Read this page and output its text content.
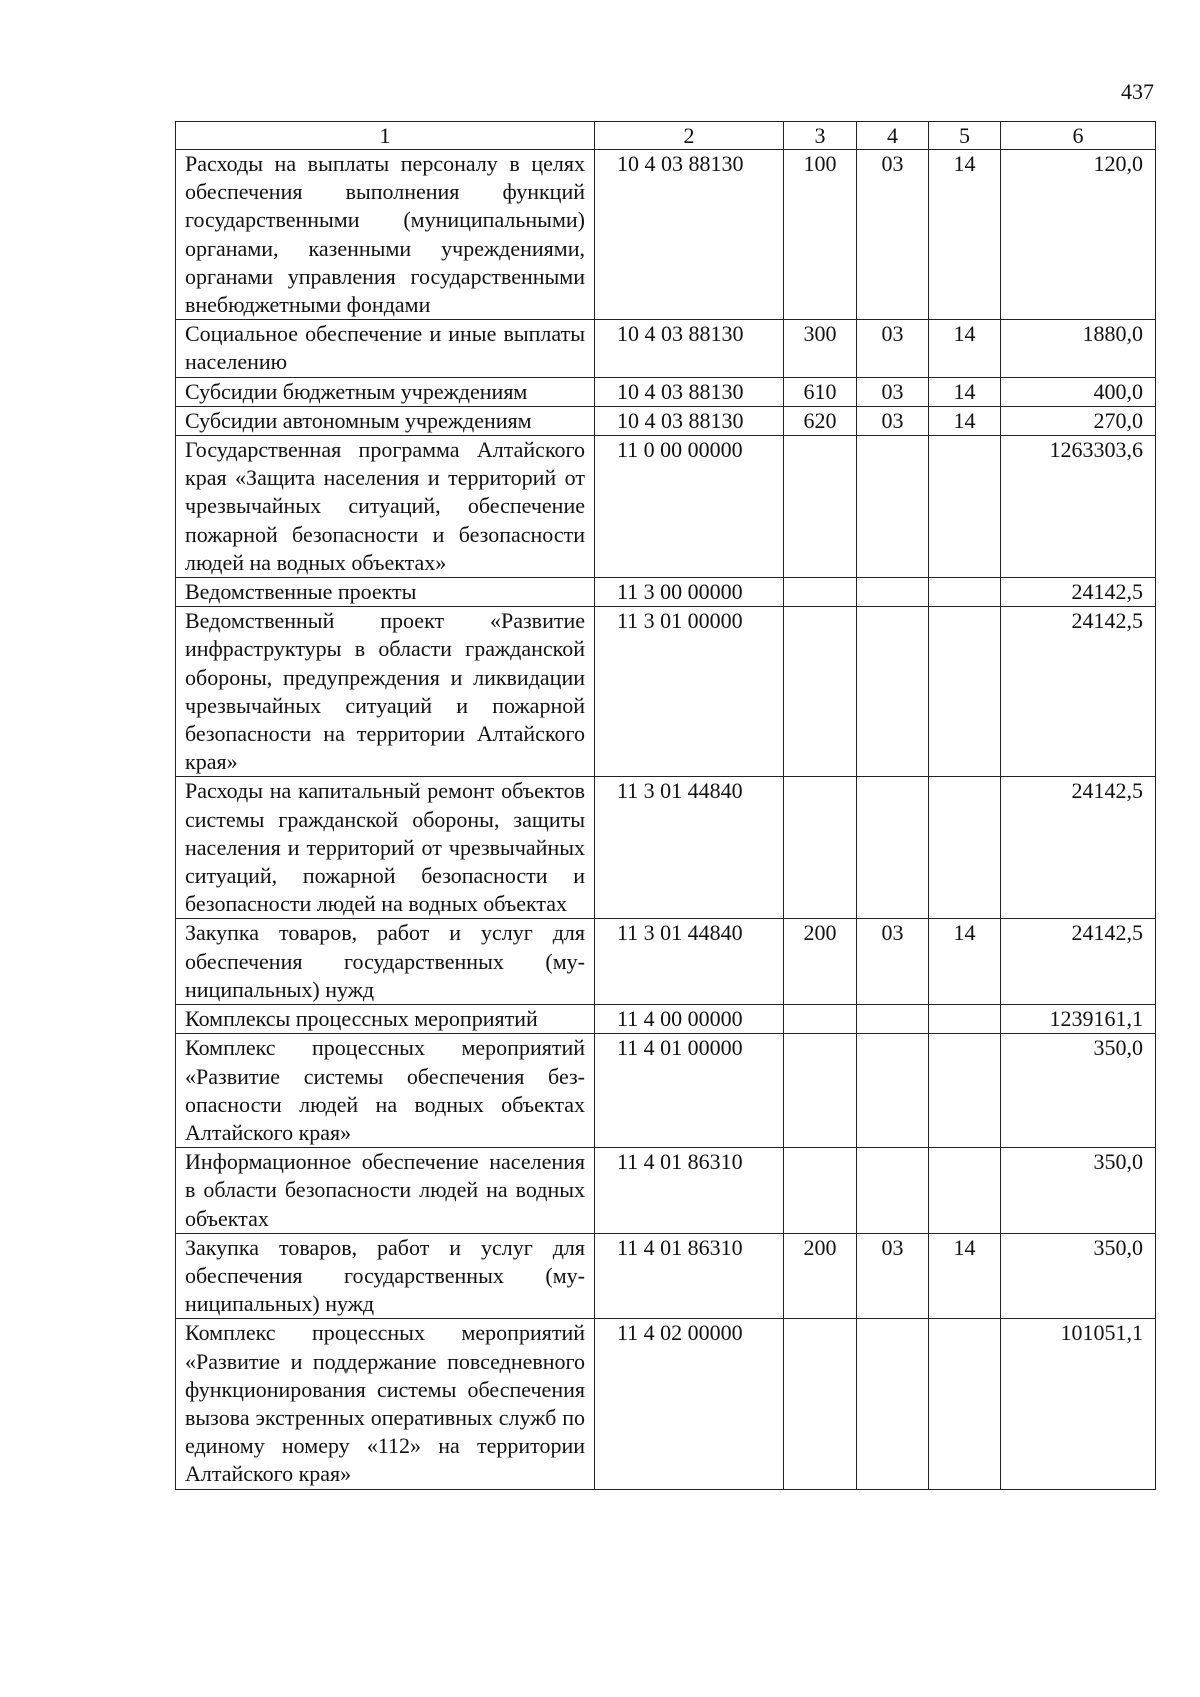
437
1	2	3	4	5	6
Расходы на выплаты персоналу в целях обеспечения выполнения функций государственными (муниципальными) органами, казенными учреждениями, органами управления государственными внебюджетными фондами	10 4 03 88130	100	03	14	120,0
Социальное обеспечение и иные выплаты населению	10 4 03 88130	300	03	14	1880,0
Субсидии бюджетным учреждениям	10 4 03 88130	610	03	14	400,0
Субсидии автономным учреждениям	10 4 03 88130	620	03	14	270,0
Государственная программа Алтайского края «Защита населения и территорий от чрезвычайных ситуаций, обеспечение пожарной безопасности и безопасности людей на водных объектах»	11 0 00 00000				1263303,6
Ведомственные проекты	11 3 00 00000				24142,5
Ведомственный проект «Развитие инфраструктуры в области гражданской обороны, предупреждения и ликвидации чрезвычайных ситуаций и пожарной безопасности на территории Алтайского края»	11 3 01 00000				24142,5
Расходы на капитальный ремонт объектов системы гражданской обороны, защиты населения и территорий от чрезвычайных ситуаций, пожарной безопасности и безопасности людей на водных объектах	11 3 01 44840				24142,5
Закупка товаров, работ и услуг для обеспечения государственных (муниципальных) нужд	11 3 01 44840	200	03	14	24142,5
Комплексы процессных мероприятий	11 4 00 00000				1239161,1
Комплекс процессных мероприятий «Развитие системы обеспечения безопасности людей на водных объектах Алтайского края»	11 4 01 00000				350,0
Информационное обеспечение населения в области безопасности людей на водных объектах	11 4 01 86310				350,0
Закупка товаров, работ и услуг для обеспечения государственных (муниципальных) нужд	11 4 01 86310	200	03	14	350,0
Комплекс процессных мероприятий «Развитие и поддержание повседневного функционирования системы обеспечения вызова экстренных оперативных служб по единому номеру «112» на территории Алтайского края»	11 4 02 00000				101051,1
